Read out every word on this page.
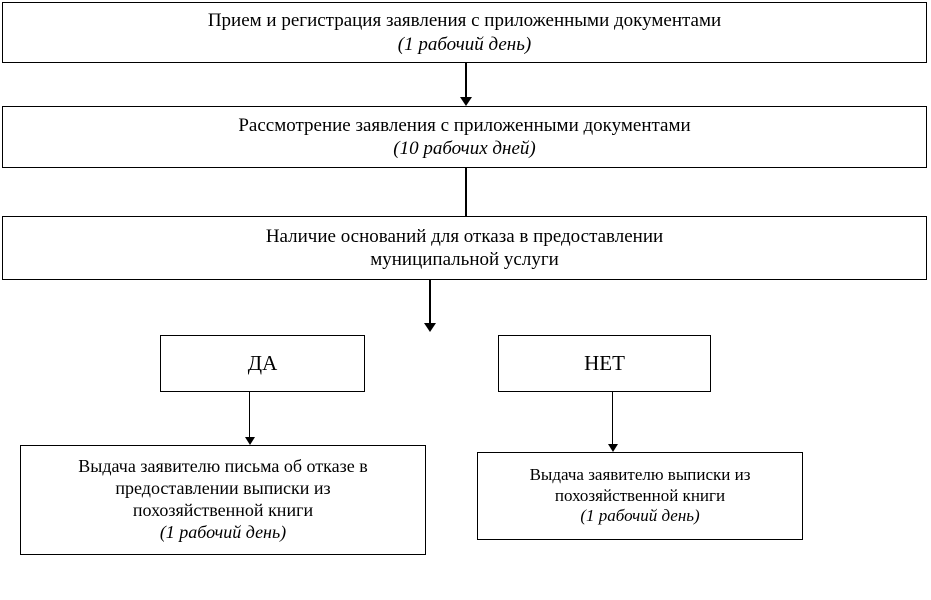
Прием и регистрация заявления с приложенными документами
(1 рабочий день)
Рассмотрение заявления с приложенными документами
(10 рабочих дней)
Наличие оснований для отказа в предоставлении
муниципальной услуги
ДА	НЕТ
Выдача заявителю письма об отказе в
предоставлении выписки из
похозяйственной книги
(1 рабочий день)
Выдача заявителю выписки из
похозяйственной книги
(1 рабочий день)
